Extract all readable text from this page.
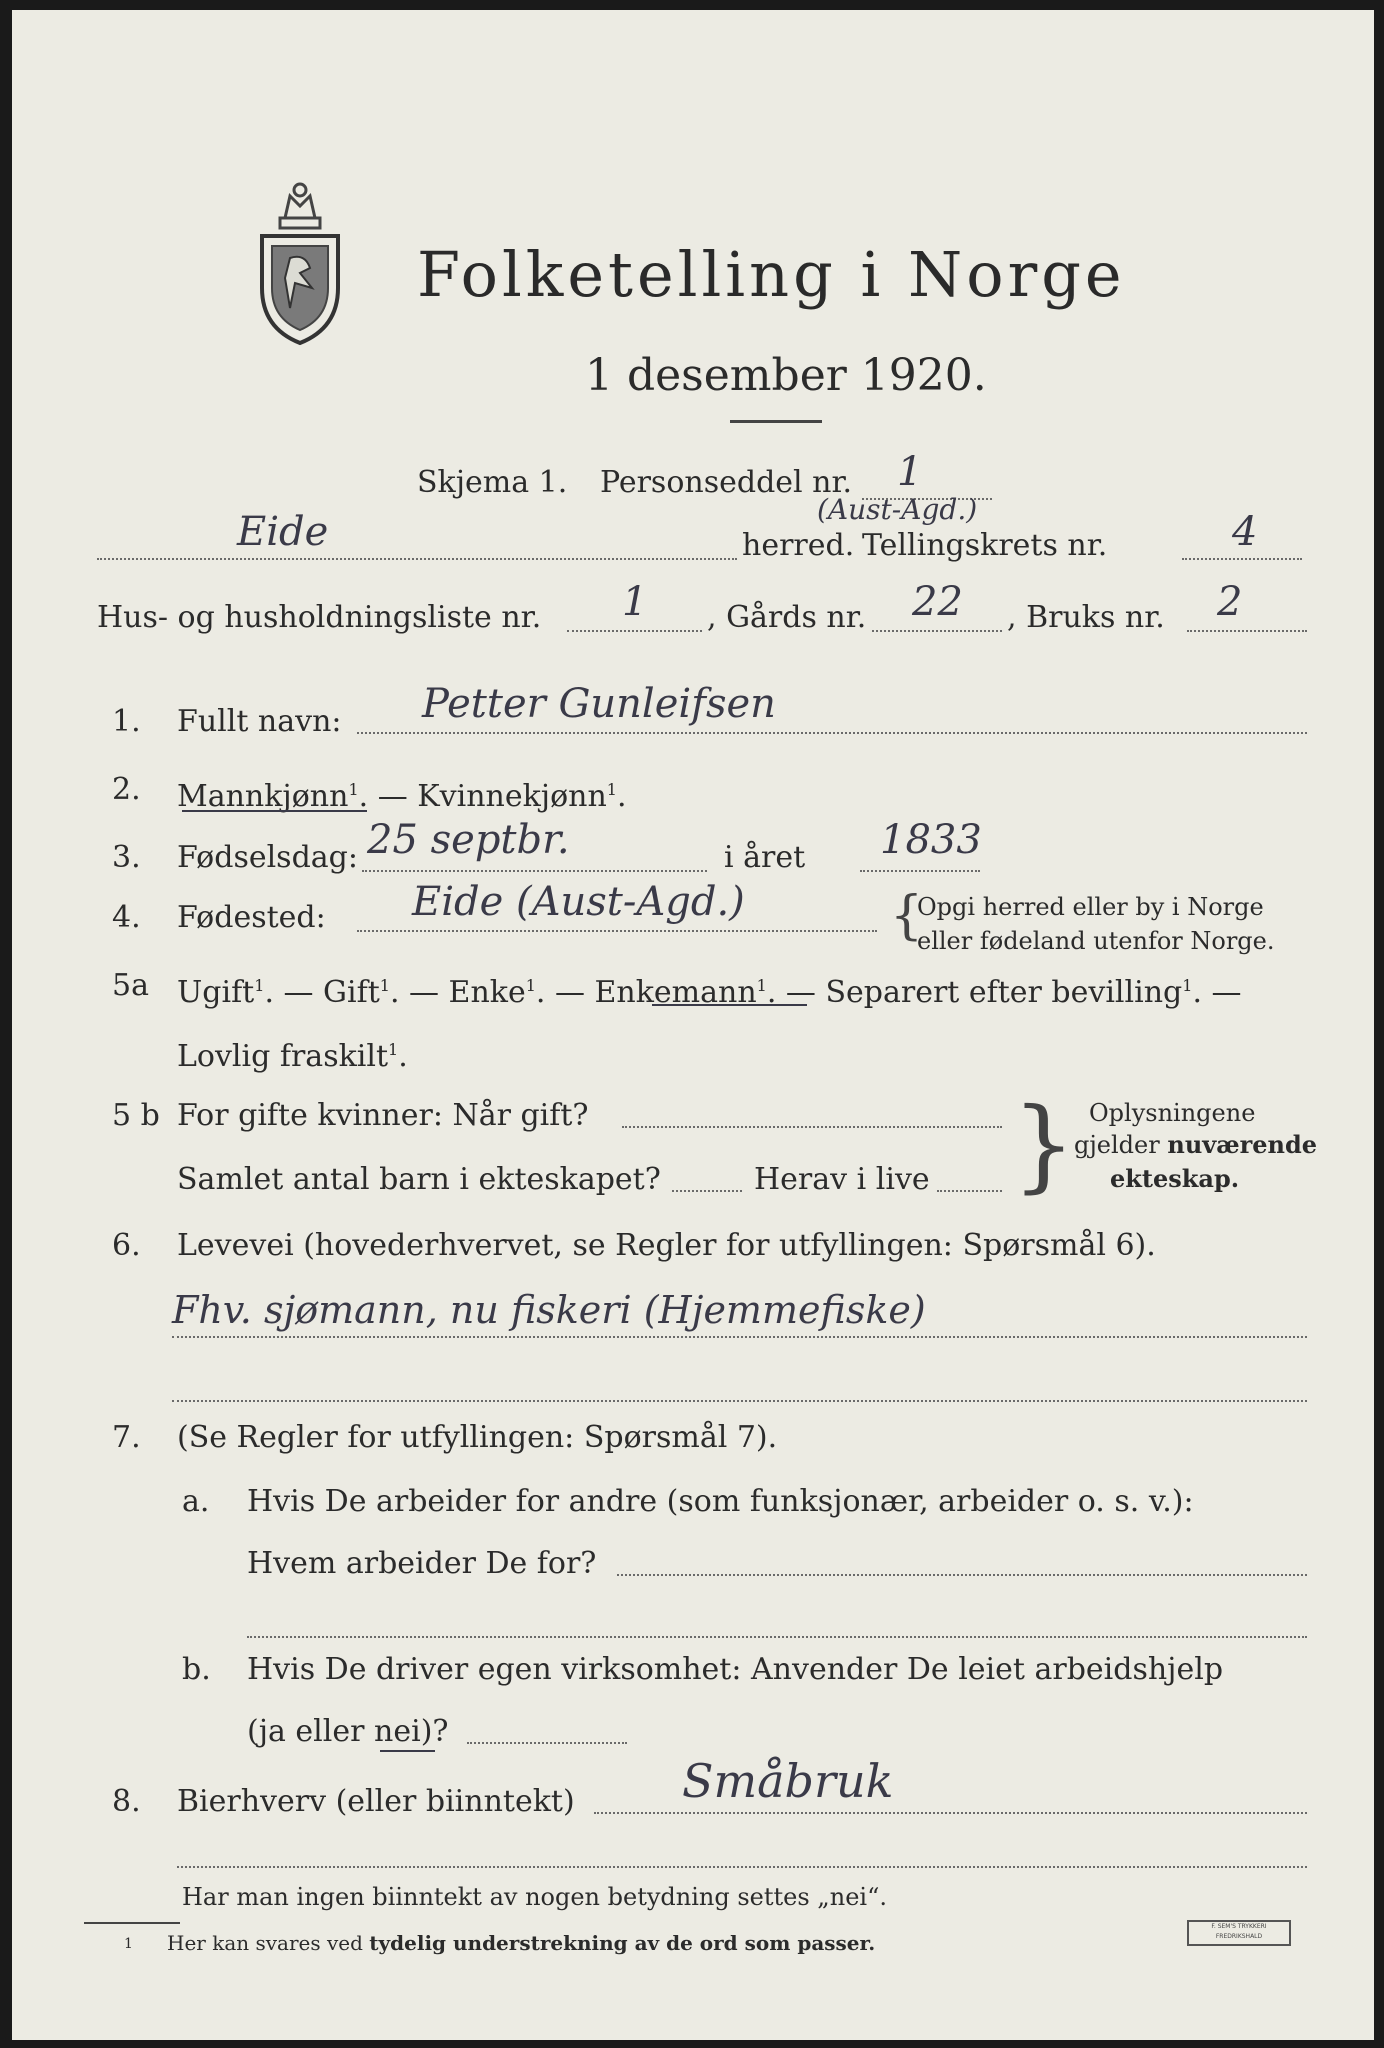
Folketelling i Norge
1 desember 1920.
Skjema 1. Personseddel nr. 1
(Aust-Agd.)
Eide	herred. Tellingskrets nr.	4
Hus- og husholdningsliste nr. 1 , Gårds nr. 22 , Bruks nr. 2
1. Fullt navn: Petter Gunleifsen
2. Mannkjønn$^1$. — Kvinnekjønn$^1$.
3. Fødselsdag: 25 septbr.	i året 1833
4. Fødested: Eide (Aust-Agd.)	{
Opgi herred eller by i Norge
eller fødeland utenfor Norge.
5a Ugift$^1$. — Gift$^1$. — Enke$^1$. — Enkemann$^1$. — Separert efter bevilling$^1$. —
Lovlig fraskilt$^1$.
5 b For gifte kvinner: Når gift?
Samlet antal barn i ekteskapet?	Herav i live } Oplysningene
gjelder nuværende
ekteskap.
6. Levevei (hovederhvervet, se Regler for utfyllingen: Spørsmål 6).
Fhv. sjømann, nu fiskeri (Hjemmefiske)
7. (Se Regler for utfyllingen: Spørsmål 7).
a. Hvis De arbeider for andre (som funksjonær, arbeider o. s. v.):
Hvem arbeider De for?
b. Hvis De driver egen virksomhet: Anvender De leiet arbeidshjelp
(ja eller nei)?
8. Bierhverv (eller biinntekt) Småbruk
Har man ingen biinntekt av nogen betydning settes „nei“.
1 Her kan svares ved tydelig understrekning av de ord som passer.
F. SEM'S TRYKKERI FREDRIKSHALD
